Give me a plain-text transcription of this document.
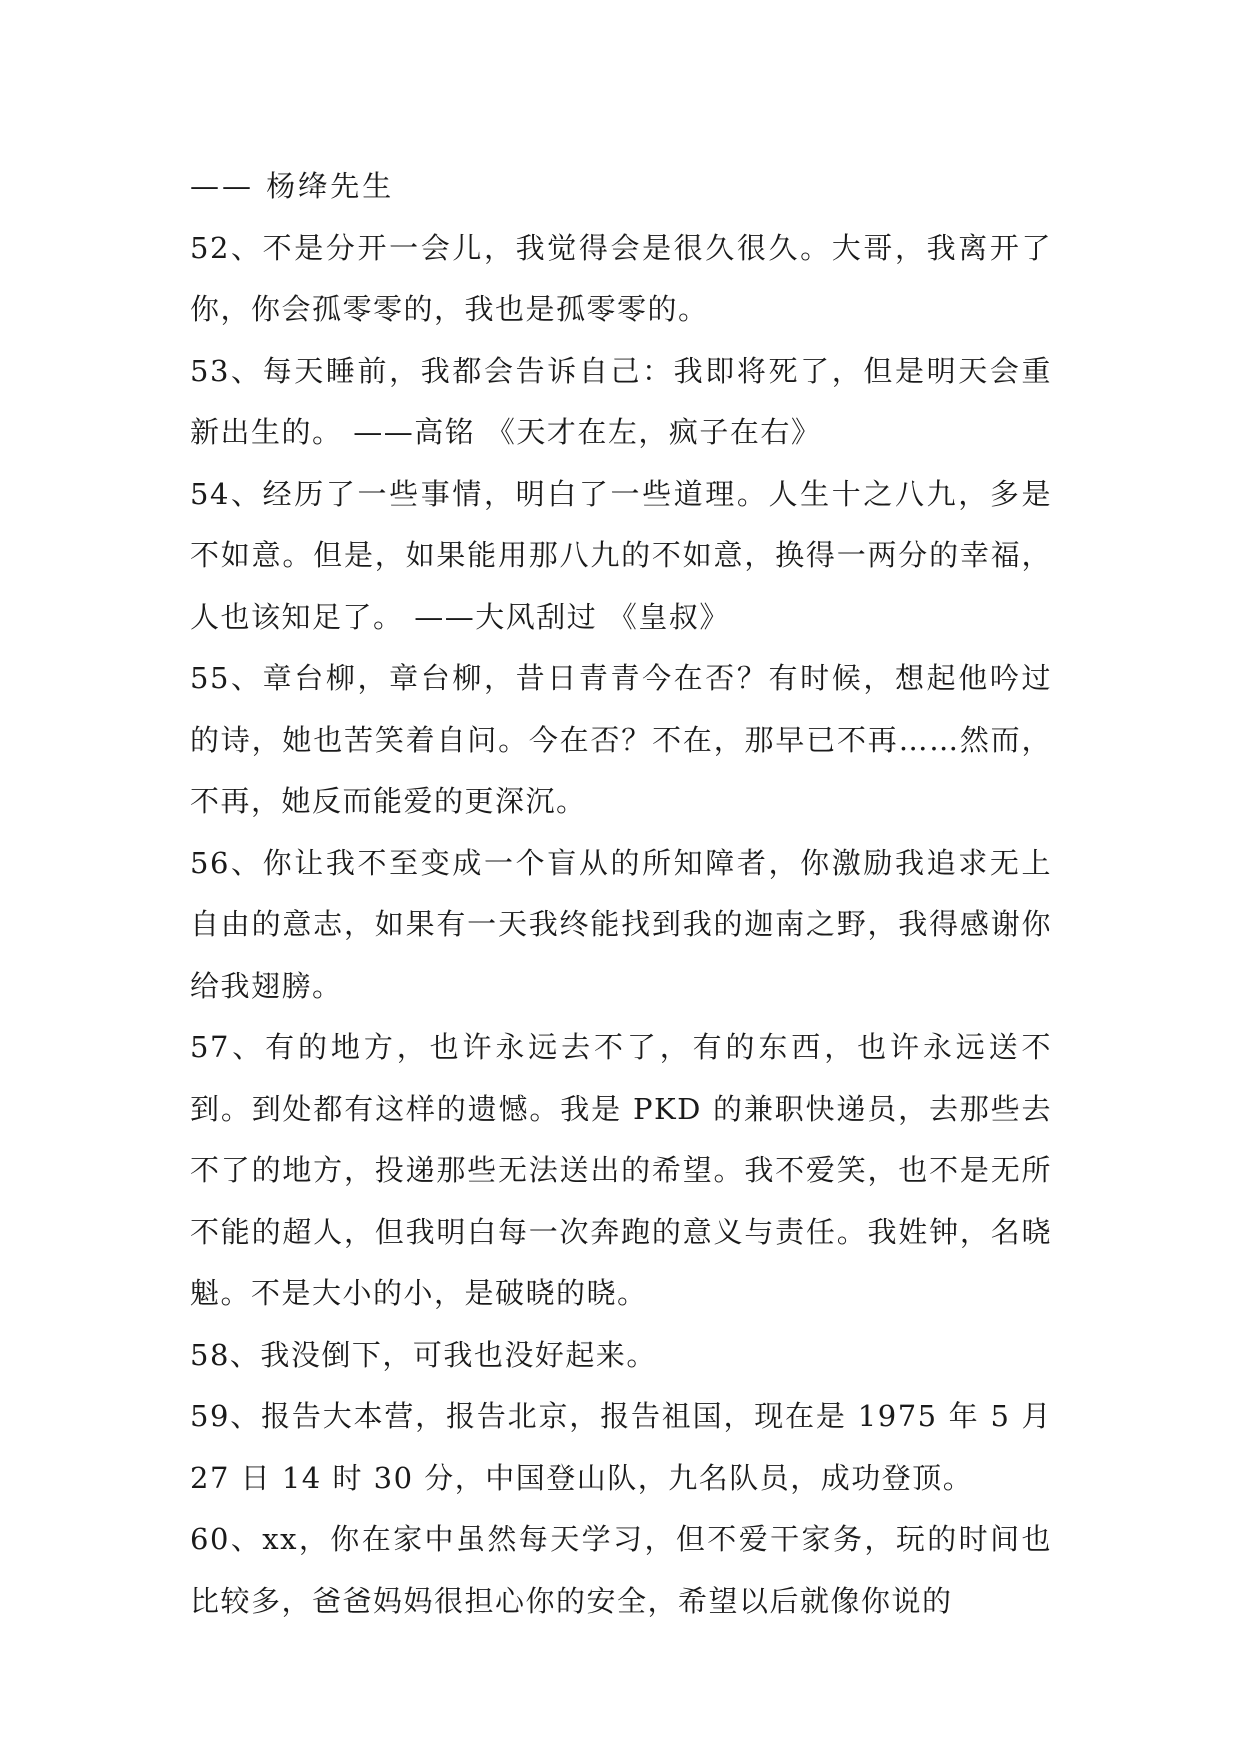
—— 杨绛先生

52、不是分开一会儿，我觉得会是很久很久。大哥，我离开了你，你会孤零零的，我也是孤零零的。

53、每天睡前，我都会告诉自己：我即将死了，但是明天会重新出生的。 ——高铭 《天才在左，疯子在右》

54、经历了一些事情，明白了一些道理。人生十之八九，多是不如意。但是，如果能用那八九的不如意，换得一两分的幸福，人也该知足了。 ——大风刮过 《皇叔》

55、章台柳，章台柳，昔日青青今在否？有时候，想起他吟过的诗，她也苦笑着自问。今在否？不在，那早已不再……然而，不再，她反而能爱的更深沉。

56、你让我不至变成一个盲从的所知障者，你激励我追求无上自由的意志，如果有一天我终能找到我的迦南之野，我得感谢你给我翅膀。

57、有的地方，也许永远去不了，有的东西，也许永远送不到。到处都有这样的遗憾。我是 PKD 的兼职快递员，去那些去不了的地方，投递那些无法送出的希望。我不爱笑，也不是无所不能的超人，但我明白每一次奔跑的意义与责任。我姓钟，名晓魁。不是大小的小，是破晓的晓。

58、我没倒下，可我也没好起来。

59、报告大本营，报告北京，报告祖国，现在是 1975 年 5 月 27 日 14 时 30 分，中国登山队，九名队员，成功登顶。

60、xx，你在家中虽然每天学习，但不爱干家务，玩的时间也比较多，爸爸妈妈很担心你的安全，希望以后就像你说的
